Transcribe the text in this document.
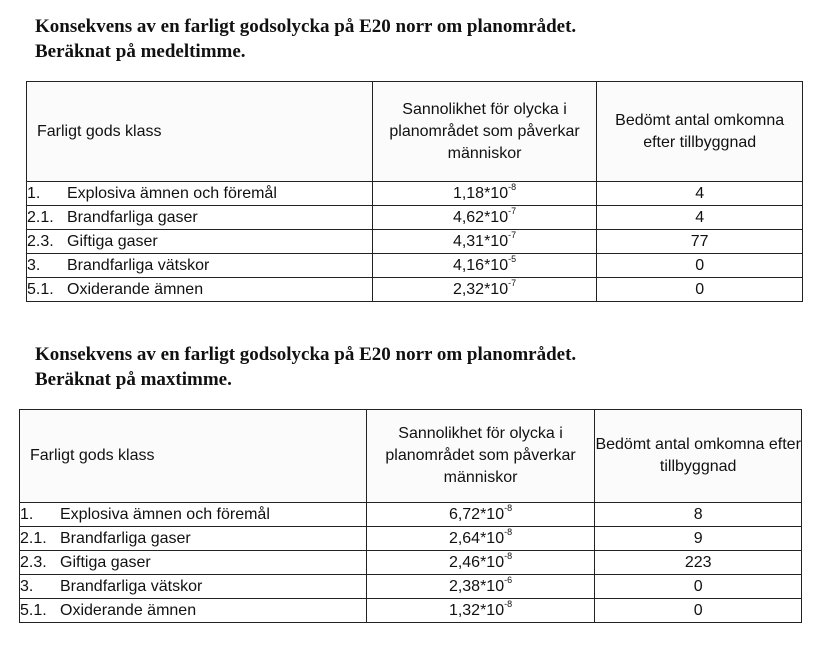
Konsekvens av en farligt godsolycka på E20 norr om planområdet.

Beräknat på medeltimme.

Farligt gods klass	Sannolikhet för olycka i planområdet som påverkar människor	Bedömt antal omkomna efter tillbyggnad
1. Explosiva ämnen och föremål	$1,18*10^{-8}$	4
2.1. Brandfarliga gaser	$4,62*10^{-7}$	4
2.3. Giftiga gaser	$4,31*10^{-7}$	77
3. Brandfarliga vätskor	$4,16*10^{-5}$	0
5.1. Oxiderande ämnen	$2,32*10^{-7}$	0

Konsekvens av en farligt godsolycka på E20 norr om planområdet.

Beräknat på maxtimme.

Farligt gods klass	Sannolikhet för olycka i planområdet som påverkar människor	Bedömt antal omkomna efter tillbyggnad
1. Explosiva ämnen och föremål	$6,72*10^{-8}$	8
2.1. Brandfarliga gaser	$2,64*10^{-8}$	9
2.3. Giftiga gaser	$2,46*10^{-8}$	223
3. Brandfarliga vätskor	$2,38*10^{-6}$	0
5.1. Oxiderande ämnen	$1,32*10^{-8}$	0
